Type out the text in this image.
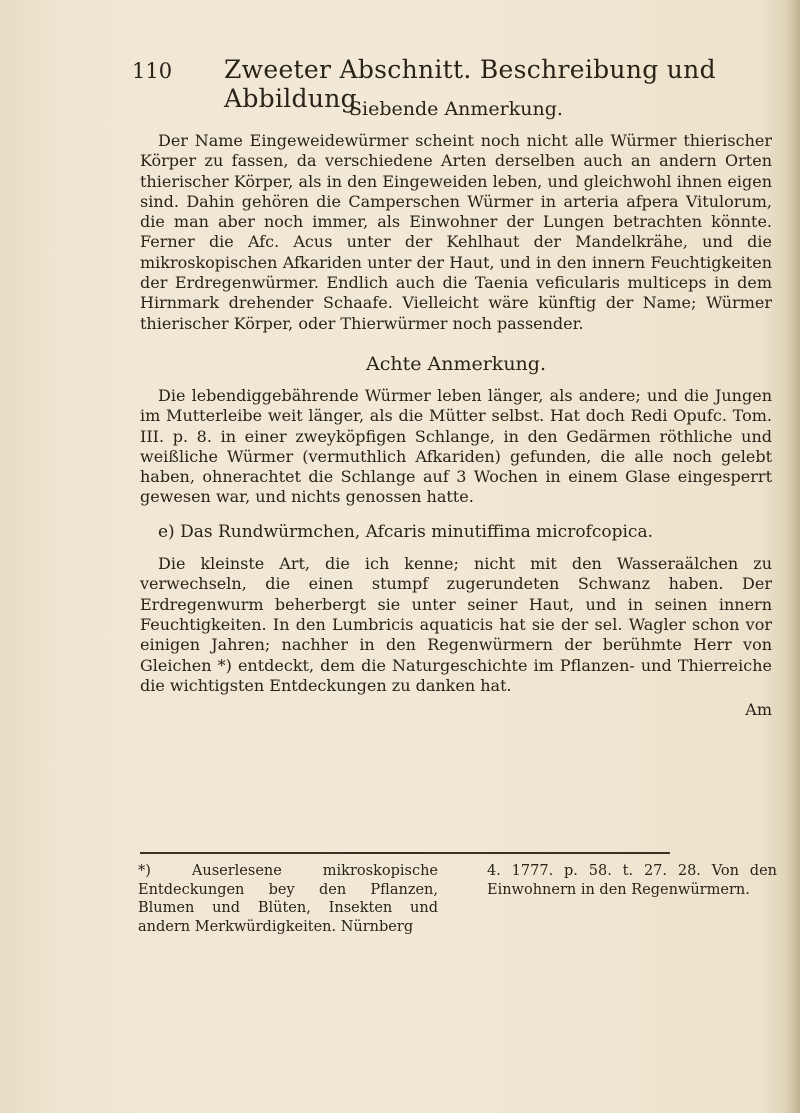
110 Zweeter Abschnitt. Beschreibung und Abbildung
Siebende Anmerkung.

Der Name Eingeweidewürmer scheint noch nicht alle Würmer thierischer Körper zu fassen, da verschiedene Arten derselben auch an andern Orten thierischer Körper, als in den Eingeweiden leben, und gleichwohl ihnen eigen sind. Dahin gehören die Camperschen Würmer in arteria afpera Vitulorum, die man aber noch immer, als Einwohner der Lungen betrachten könnte. Ferner die Afc. Acus unter der Kehlhaut der Mandelkrähe, und die mikroskopischen Afkariden unter der Haut, und in den innern Feuchtigkeiten der Erdregenwürmer. Endlich auch die Taenia veficularis multiceps in dem Hirnmark drehender Schaafe. Vielleicht wäre künftig der Name; Würmer thierischer Körper, oder Thierwürmer noch passender.

Achte Anmerkung.

Die lebendiggebährende Würmer leben länger, als andere; und die Jungen im Mutterleibe weit länger, als die Mütter selbst. Hat doch Redi Opufc. Tom. III. p. 8. in einer zweyköpfigen Schlange, in den Gedärmen röthliche und weißliche Würmer (vermuthlich Afkariden) gefunden, die alle noch gelebt haben, ohnerachtet die Schlange auf 3 Wochen in einem Glase eingesperrt gewesen war, und nichts genossen hatte.

e) Das Rundwürmchen, Afcaris minutiffima microfcopica.

Die kleinste Art, die ich kenne; nicht mit den Wasseraälchen zu verwechseln, die einen stumpf zugerundeten Schwanz haben. Der Erdregenwurm beherbergt sie unter seiner Haut, und in seinen innern Feuchtigkeiten. In den Lumbricis aquaticis hat sie der sel. Wagler schon vor einigen Jahren; nachher in den Regenwürmern der berühmte Herr von Gleichen *) entdeckt, dem die Naturgeschichte im Pflanzen- und Thierreiche die wichtigsten Entdeckungen zu danken hat.

Am
*) Auserlesene mikroskopische Entdeckungen bey den Pflanzen, Blumen und Blüten, Insekten und andern Merkwürdigkeiten. Nürnberg
4. 1777. p. 58. t. 27. 28. Von den Einwohnern in den Regenwürmern.
